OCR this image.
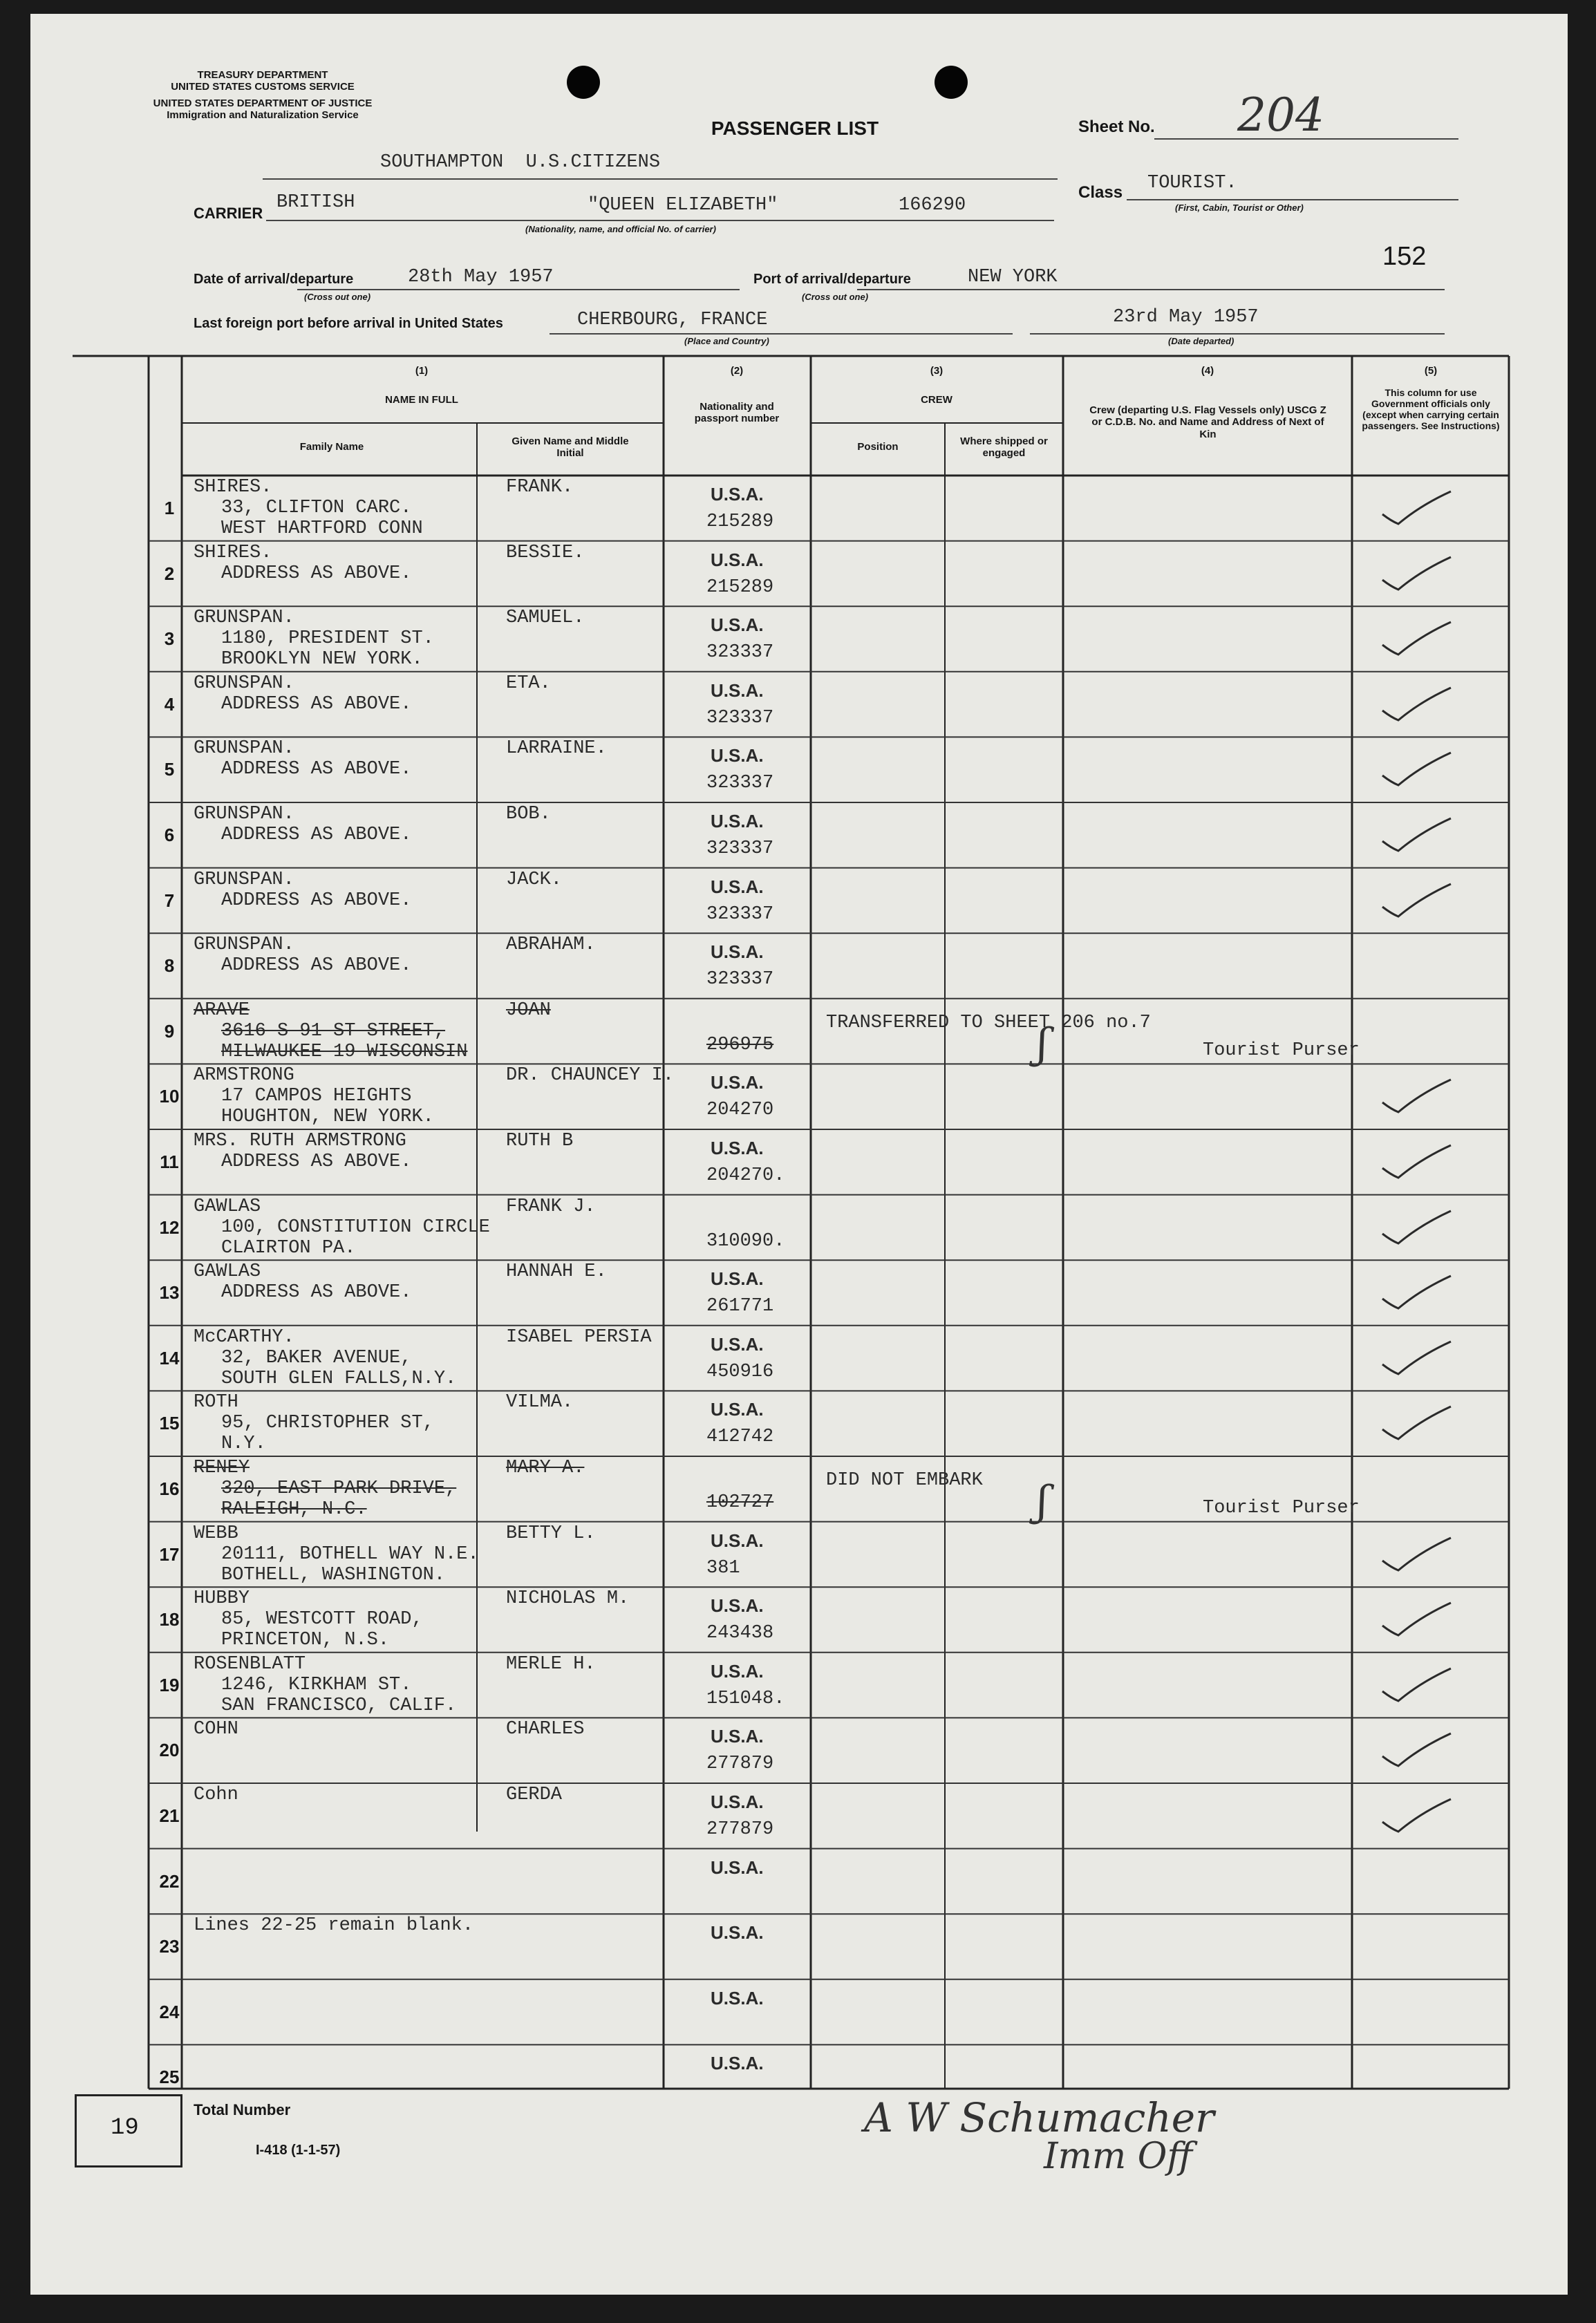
TREASURY DEPARTMENT
UNITED STATES CUSTOMS SERVICE
UNITED STATES DEPARTMENT OF JUSTICE
Immigration and Naturalization Service
PASSENGER LIST	Sheet No. 204
SOUTHAMPTON  U.S.CITIZENS
CARRIER
BRITISH	"QUEEN ELIZABETH"	166290
(Nationality, name, and official No. of carrier)
Class TOURIST.
(First, Cabin, Tourist or Other)
152
Date of arrival/departure	28th May 1957
(Cross out one)
Port of arrival/departure	NEW YORK
(Cross out one)
Last foreign port before arrival in United States	CHERBOURG, FRANCE
(Place and Country)
23rd May 1957
(Date departed)
(1)
NAME IN FULL
Family Name	Given Name and Middle Initial
(2)
Nationality and passport number
(3)
CREW
Position	Where shipped or engaged
(4)
Crew (departing U.S. Flag Vessels only) USCG Z or C.D.B. No. and Name and Address of Next of Kin
(5)
This column for use Government officials only (except when carrying certain passengers. See Instructions)
1
SHIRES.
33, CLIFTON CARC.
WEST HARTFORD CONN
FRANK.	U.S.A.
215289
2
SHIRES.
ADDRESS AS ABOVE.
BESSIE.	U.S.A.
215289
3
GRUNSPAN.
1180, PRESIDENT ST.
BROOKLYN NEW YORK.
SAMUEL.	U.S.A.
323337
4
GRUNSPAN.
ADDRESS AS ABOVE.
ETA.	U.S.A.
323337
5
GRUNSPAN.
ADDRESS AS ABOVE.
LARRAINE.	U.S.A.
323337
6
GRUNSPAN.
ADDRESS AS ABOVE.
BOB.	U.S.A.
323337
7
GRUNSPAN.
ADDRESS AS ABOVE.
JACK.	U.S.A.
323337
8
GRUNSPAN.
ADDRESS AS ABOVE.
ABRAHAM.	U.S.A.
323337
9
ARAVE
3616 S 91 ST STREET,
MILWAUKEE 19 WISCONSIN
JOAN
296975
TRANSFERRED TO SHEET 206 no.7
Tourist Purser
ʃ
10
ARMSTRONG
17 CAMPOS HEIGHTS
HOUGHTON, NEW YORK.
DR. CHAUNCEY I. U.S.A.
204270
11
MRS. RUTH ARMSTRONG
ADDRESS AS ABOVE.
RUTH B	U.S.A.
204270.
12
GAWLAS
100, CONSTITUTION CIRCLE
CLAIRTON PA.
FRANK J.
310090.
13
GAWLAS
ADDRESS AS ABOVE.
HANNAH E.	U.S.A.
261771
14
McCARTHY.
32, BAKER AVENUE,
SOUTH GLEN FALLS,N.Y.
ISABEL PERSIA	U.S.A.
450916
15
ROTH
95, CHRISTOPHER ST,
N.Y.
VILMA.	U.S.A.
412742
16
RENEY
320, EAST PARK DRIVE,
RALEIGH, N.C.
MARY A.
102727
DID NOT EMBARK
Tourist Purser
ʃ
17
WEBB
20111, BOTHELL WAY N.E.
BOTHELL, WASHINGTON.
BETTY L.	U.S.A.
381
18
HUBBY
85, WESTCOTT ROAD,
PRINCETON, N.S.
NICHOLAS M.	U.S.A.
243438
19
ROSENBLATT
1246, KIRKHAM ST.
SAN FRANCISCO, CALIF.
MERLE H.	U.S.A.
151048.
20
COHN	CHARLES	U.S.A.
277879
21
Cohn	GERDA	U.S.A.
277879
22
U.S.A.
23
Lines 22-25 remain blank.	U.S.A.
24
U.S.A.
25
U.S.A.
19
Total Number
I-418 (1-1-57)
A W Schumacher
Imm Off
